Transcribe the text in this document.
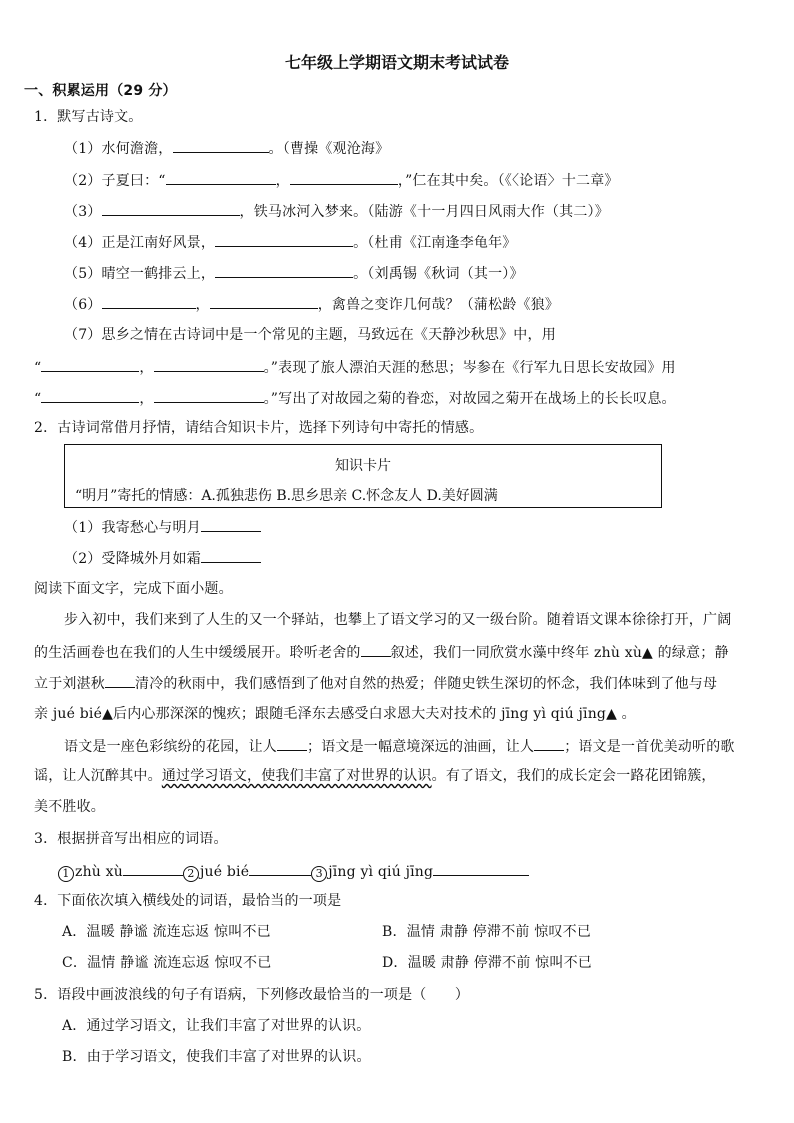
七年级上学期语文期末考试试卷
一、积累运用（29 分）
1．默写古诗文。
（1）水何澹澹，	。（曹操《观沧海》
（2）子夏曰：“	，	，”仁在其中矣。（《〈论语〉十二章》
（3）	，铁马冰河入梦来。（陆游《十一月四日风雨大作（其二）》
（4）正是江南好风景，	。（杜甫《江南逢李龟年》
（5）晴空一鹤排云上，	。（刘禹锡《秋词（其一）》
（6）	，	，禽兽之变诈几何哉？（蒲松龄《狼》
（7）思乡之情在古诗词中是一个常见的主题，马致远在《天静沙秋思》中，用
“	，	。”表现了旅人漂泊天涯的愁思；岑参在《行军九日思长安故园》用
“	，	。”写出了对故园之菊的眷恋，对故园之菊开在战场上的长长叹息。
2．古诗词常借月抒情，请结合知识卡片，选择下列诗句中寄托的情感。
知识卡片
“明月”寄托的情感：A.孤独悲伤 B.思乡思亲 C.怀念友人 D.美好圆满
（1）我寄愁心与明月
（2）受降城外月如霜
阅读下面文字，完成下面小题。
步入初中，我们来到了人生的又一个驿站，也攀上了语文学习的又一级台阶。随着语文课本徐徐打开，广阔
的生活画卷也在我们的人生中缓缓展开。聆听老舍的 叙述，我们一同欣赏水藻中终年 zhù xù▲ 的绿意；静
立于刘湛秋 清冷的秋雨中，我们感悟到了他对自然的热爱；伴随史铁生深切的怀念，我们体味到了他与母
亲 jué bié▲后内心那深深的愧疚；跟随毛泽东去感受白求恩大夫对技术的 jīng yì qiú jīng▲ 。
语文是一座色彩缤纷的花园，让人 ；语文是一幅意境深远的油画，让人 ；语文是一首优美动听的歌
谣，让人沉醉其中。通过学习语文，使我们丰富了对世界的认识。有了语文，我们的成长定会一路花团锦簇，
美不胜收。
3．根据拼音写出相应的词语。
1 zhù xù	2 jué bié	3 jīng yì qiú jīng
4．下面依次填入横线处的词语，最恰当的一项是
A．温暖 静谧 流连忘返 惊叫不已	B．温情 肃静 停滞不前 惊叹不已
C．温情 静谧 流连忘返 惊叹不已	D．温暖 肃静 停滞不前 惊叫不已
5．语段中画波浪线的句子有语病，下列修改最恰当的一项是（　　）
A．通过学习语文，让我们丰富了对世界的认识。
B．由于学习语文，使我们丰富了对世界的认识。
